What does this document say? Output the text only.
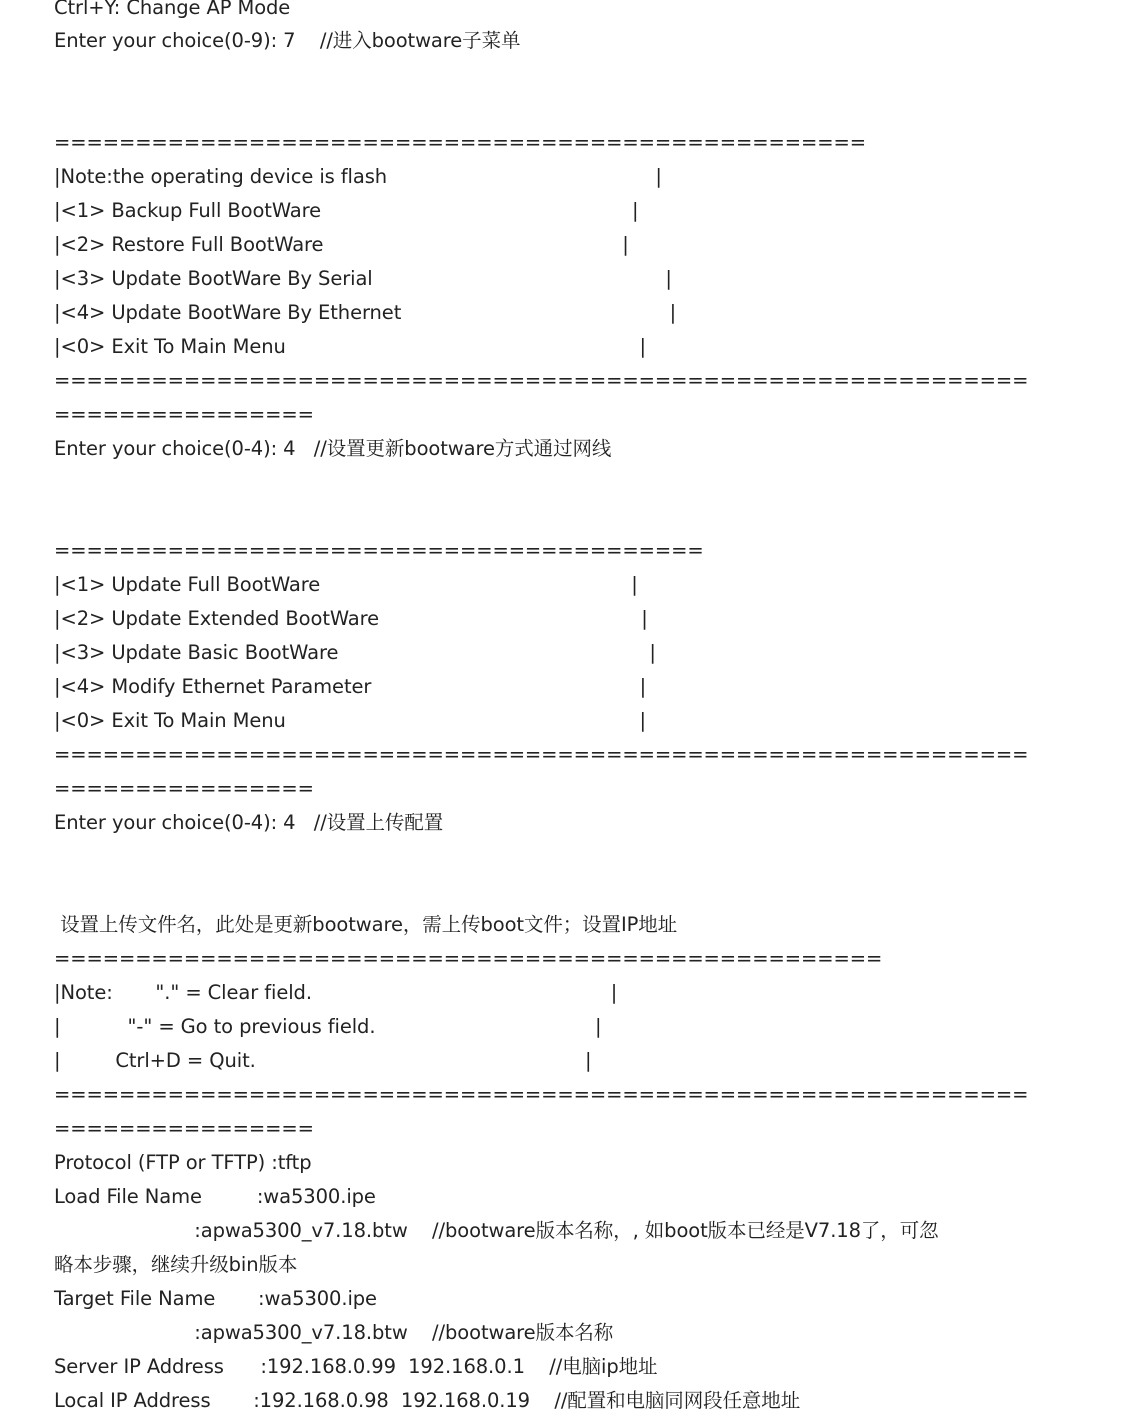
Ctrl+Y: Change AP Mode
Enter your choice(0-9): 7    //进入bootware子菜单
==================================================
|Note:the operating device is flash                                            |
|<1> Backup Full BootWare                                                   |
|<2> Restore Full BootWare                                                 |
|<3> Update BootWare By Serial                                                |
|<4> Update BootWare By Ethernet                                            |
|<0> Exit To Main Menu                                                          |
============================================================
================
Enter your choice(0-4): 4   //设置更新bootware方式通过网线
========================================
|<1> Update Full BootWare                                                   |
|<2> Update Extended BootWare                                           |
|<3> Update Basic BootWare                                                   |
|<4> Modify Ethernet Parameter                                            |
|<0> Exit To Main Menu                                                          |
============================================================
================
Enter your choice(0-4): 4   //设置上传配置
设置上传文件名，此处是更新bootware，需上传boot文件；设置IP地址
===================================================
|Note:       "." = Clear field.                                                 |
|           "-" = Go to previous field.                                    |
|         Ctrl+D = Quit.                                                      |
============================================================
================
Protocol (FTP or TFTP) :tftp
Load File Name         :wa5300.ipe
:apwa5300_v7.18.btw    //bootware版本名称，, 如boot版本已经是V7.18了，可忽
略本步骤，继续升级bin版本
Target File Name       :wa5300.ipe
:apwa5300_v7.18.btw    //bootware版本名称
Server IP Address      :192.168.0.99  192.168.0.1    //电脑ip地址
Local IP Address       :192.168.0.98  192.168.0.19    //配置和电脑同网段任意地址
